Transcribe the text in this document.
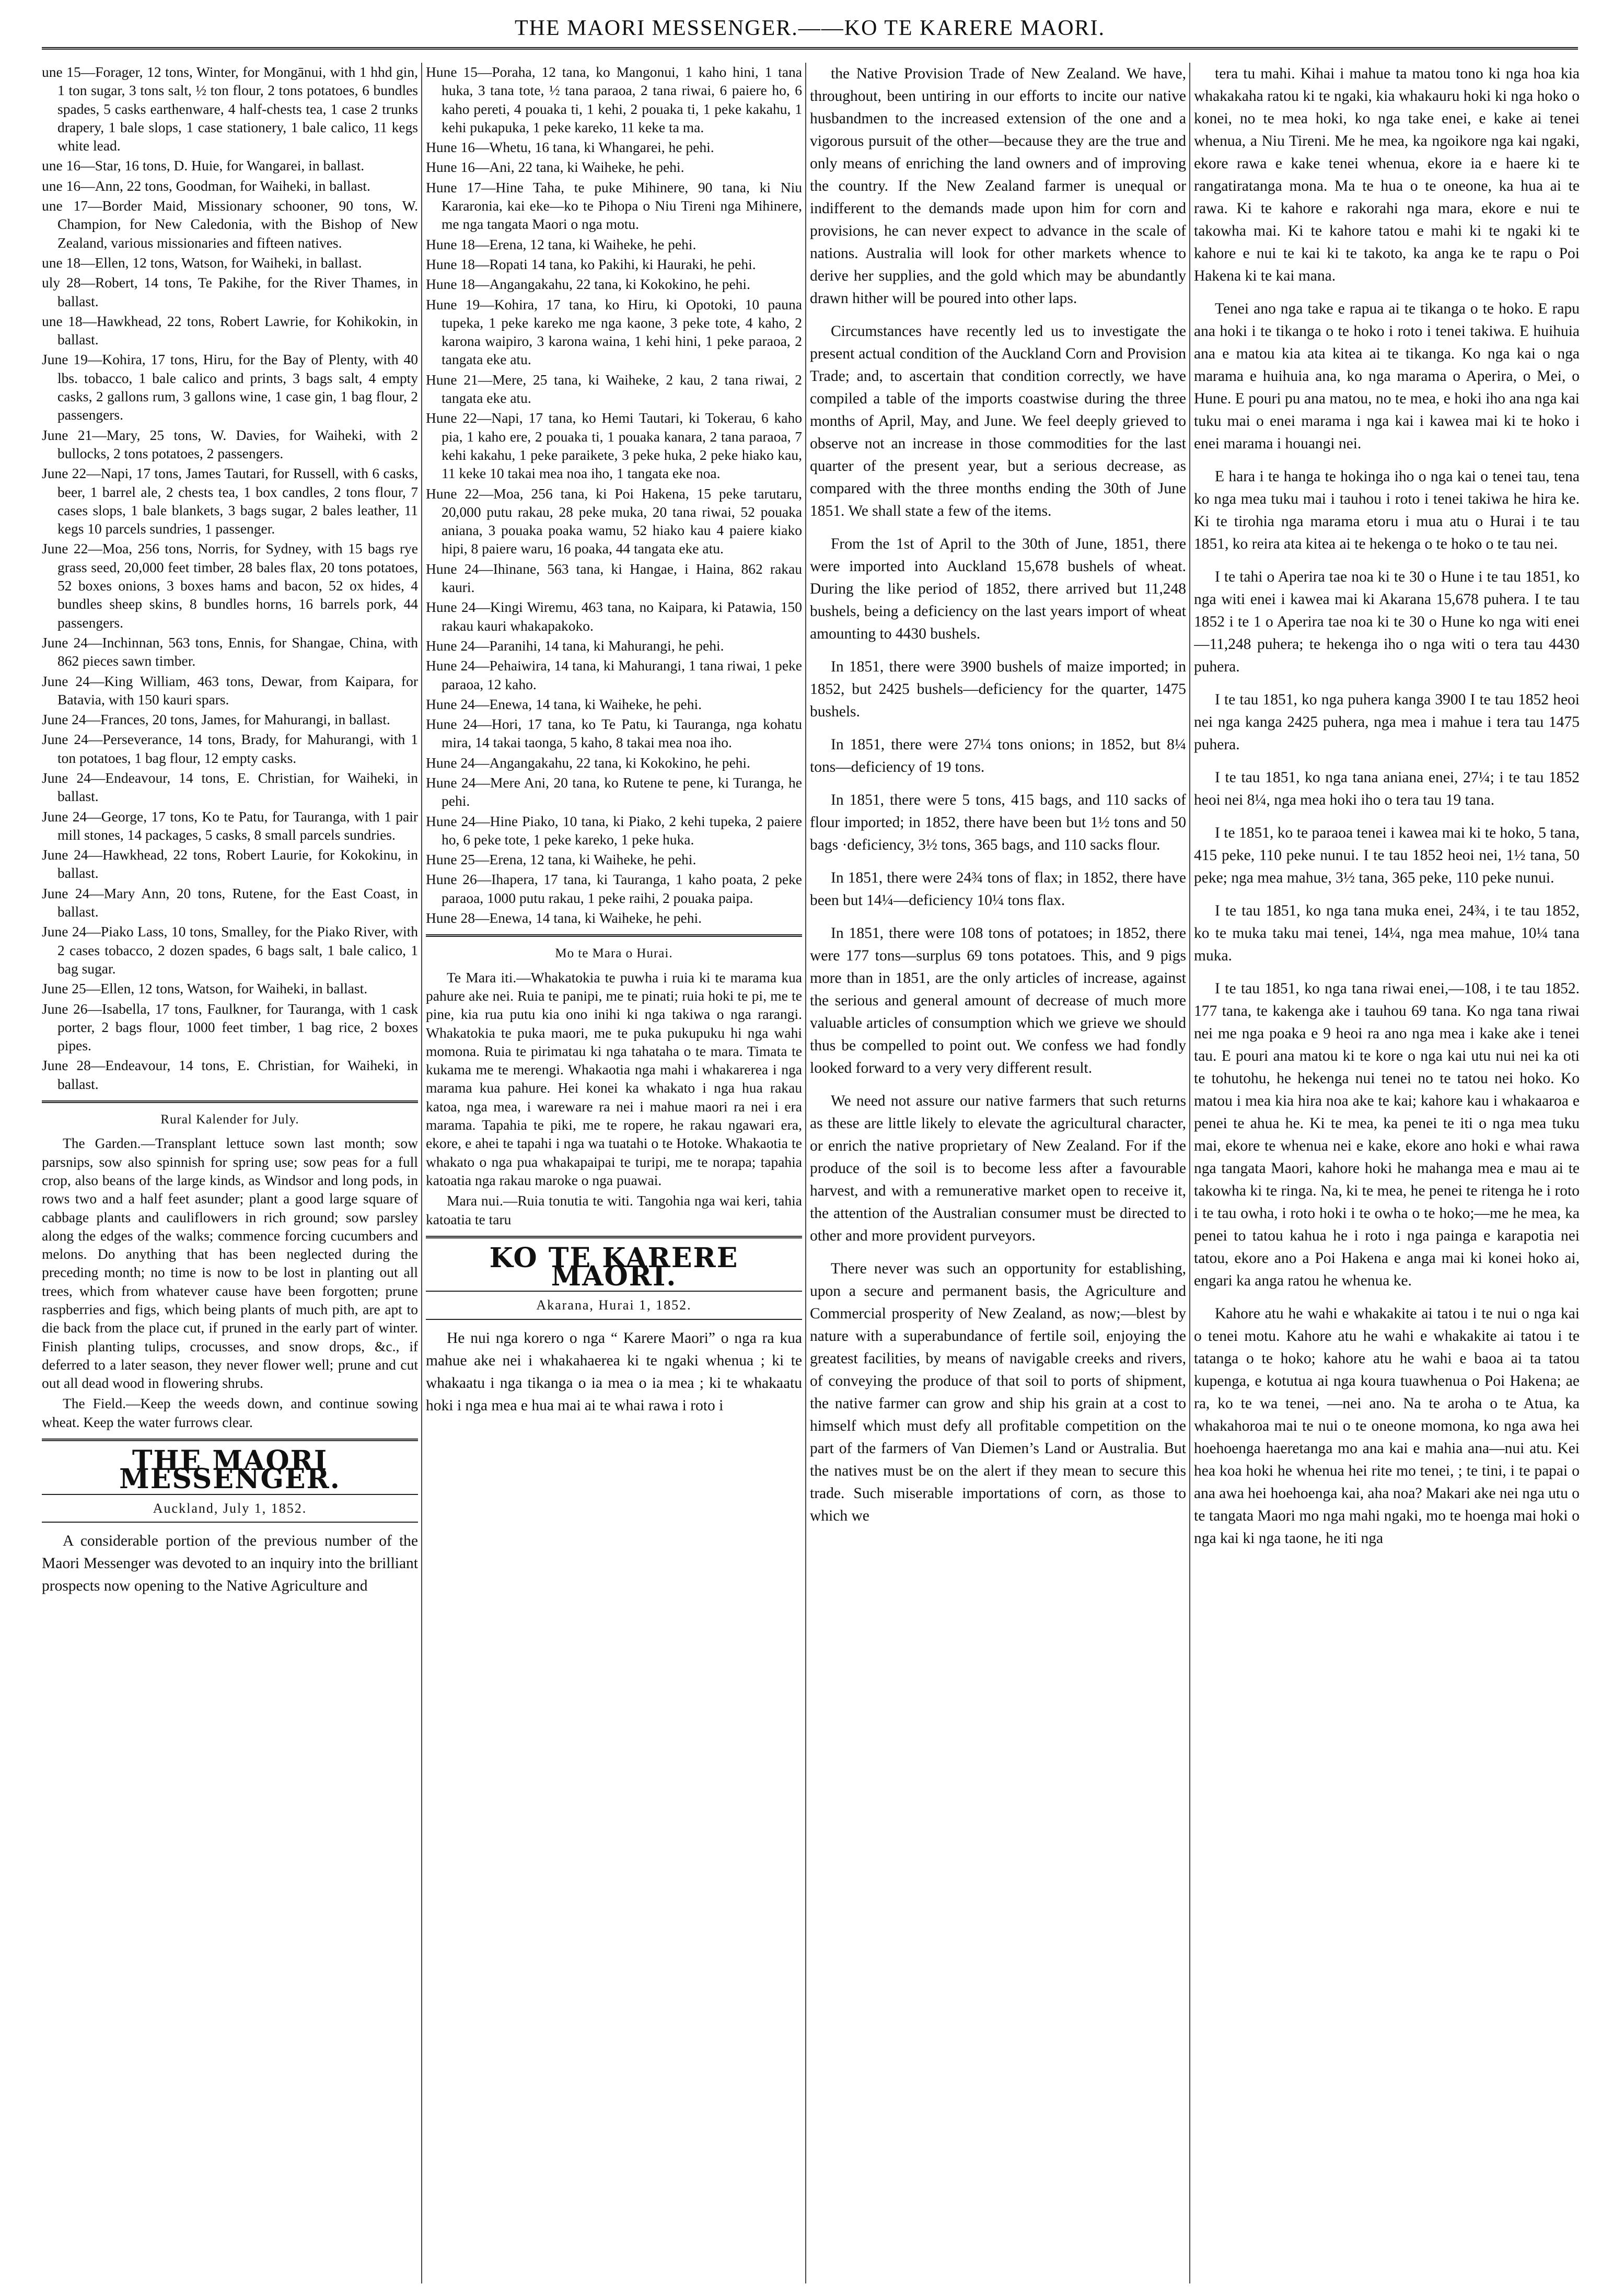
THE MAORI MESSENGER.——KO TE KARERE MAORI.

une 15—Forager, 12 tons, Winter, for Mongānui, with 1 hhd gin, 1 ton sugar, 3 tons salt, ½ ton flour, 2 tons potatoes, 6 bundles spades, 5 casks earthenware, 4 half-chests tea, 1 case 2 trunks drapery, 1 bale slops, 1 case stationery, 1 bale calico, 11 kegs white lead.

une 16—Star, 16 tons, D. Huie, for Wangarei, in ballast.

une 16—Ann, 22 tons, Goodman, for Waiheki, in ballast.

une 17—Border Maid, Missionary schooner, 90 tons, W. Champion, for New Caledonia, with the Bishop of New Zealand, various missionaries and fifteen natives.

une 18—Ellen, 12 tons, Watson, for Waiheki, in ballast.

uly 28—Robert, 14 tons, Te Pakihe, for the River Thames, in ballast.

une 18—Hawkhead, 22 tons, Robert Lawrie, for Kohikokin, in ballast.

June 19—Kohira, 17 tons, Hiru, for the Bay of Plenty, with 40 lbs. tobacco, 1 bale calico and prints, 3 bags salt, 4 empty casks, 2 gallons rum, 3 gallons wine, 1 case gin, 1 bag flour, 2 passengers.

June 21—Mary, 25 tons, W. Davies, for Waiheki, with 2 bullocks, 2 tons potatoes, 2 passengers.

June 22—Napi, 17 tons, James Tautari, for Russell, with 6 casks, beer, 1 barrel ale, 2 chests tea, 1 box candles, 2 tons flour, 7 cases slops, 1 bale blankets, 3 bags sugar, 2 bales leather, 11 kegs 10 parcels sundries, 1 passenger.

June 22—Moa, 256 tons, Norris, for Sydney, with 15 bags rye grass seed, 20,000 feet timber, 28 bales flax, 20 tons potatoes, 52 boxes onions, 3 boxes hams and bacon, 52 ox hides, 4 bundles sheep skins, 8 bundles horns, 16 barrels pork, 44 passengers.

June 24—Inchinnan, 563 tons, Ennis, for Shangae, China, with 862 pieces sawn timber.

June 24—King William, 463 tons, Dewar, from Kaipara, for Batavia, with 150 kauri spars.

June 24—Frances, 20 tons, James, for Mahurangi, in ballast.

June 24—Perseverance, 14 tons, Brady, for Mahurangi, with 1 ton potatoes, 1 bag flour, 12 empty casks.

June 24—Endeavour, 14 tons, E. Christian, for Waiheki, in ballast.

June 24—George, 17 tons, Ko te Patu, for Tauranga, with 1 pair mill stones, 14 packages, 5 casks, 8 small parcels sundries.

June 24—Hawkhead, 22 tons, Robert Laurie, for Kokokinu, in ballast.

June 24—Mary Ann, 20 tons, Rutene, for the East Coast, in ballast.

June 24—Piako Lass, 10 tons, Smalley, for the Piako River, with 2 cases tobacco, 2 dozen spades, 6 bags salt, 1 bale calico, 1 bag sugar.

June 25—Ellen, 12 tons, Watson, for Waiheki, in ballast.

June 26—Isabella, 17 tons, Faulkner, for Tauranga, with 1 cask porter, 2 bags flour, 1000 feet timber, 1 bag rice, 2 boxes pipes.

June 28—Endeavour, 14 tons, E. Christian, for Waiheki, in ballast.

Rural Kalender for July.

The Garden.—Transplant lettuce sown last month; sow parsnips, sow also spinnish for spring use; sow peas for a full crop, also beans of the large kinds, as Windsor and long pods, in rows two and a half feet asunder; plant a good large square of cabbage plants and cauliflowers in rich ground; sow parsley along the edges of the walks; commence forcing cucumbers and melons. Do anything that has been neglected during the preceding month; no time is now to be lost in planting out all trees, which from whatever cause have been forgotten; prune raspberries and figs, which being plants of much pith, are apt to die back from the place cut, if pruned in the early part of winter. Finish planting tulips, crocusses, and snow drops, &c., if deferred to a later season, they never flower well; prune and cut out all dead wood in flowering shrubs.

The Field.—Keep the weeds down, and continue sowing wheat. Keep the water furrows clear.

THE MAORI MESSENGER.
Auckland, July 1, 1852.

A considerable portion of the previous number of the Maori Messenger was devoted to an inquiry into the brilliant prospects now opening to the Native Agriculture and

Hune 15—Poraha, 12 tana, ko Mangonui, 1 kaho hini, 1 tana huka, 3 tana tote, ½ tana paraoa, 2 tana riwai, 6 paiere ho, 6 kaho pereti, 4 pouaka ti, 1 kehi, 2 pouaka ti, 1 peke kakahu, 1 kehi pukapuka, 1 peke kareko, 11 keke ta ma.

Hune 16—Whetu, 16 tana, ki Whangarei, he pehi.

Hune 16—Ani, 22 tana, ki Waiheke, he pehi.

Hune 17—Hine Taha, te puke Mihinere, 90 tana, ki Niu Kararonia, kai eke—ko te Pihopa o Niu Tireni nga Mihinere, me nga tangata Maori o nga motu.

Hune 18—Erena, 12 tana, ki Waiheke, he pehi.

Hune 18—Ropati 14 tana, ko Pakihi, ki Hauraki, he pehi.

Hune 18—Angangakahu, 22 tana, ki Kokokino, he pehi.

Hune 19—Kohira, 17 tana, ko Hiru, ki Opotoki, 10 pauna tupeka, 1 peke kareko me nga kaone, 3 peke tote, 4 kaho, 2 karona waipiro, 3 karona waina, 1 kehi hini, 1 peke paraoa, 2 tangata eke atu.

Hune 21—Mere, 25 tana, ki Waiheke, 2 kau, 2 tana riwai, 2 tangata eke atu.

Hune 22—Napi, 17 tana, ko Hemi Tautari, ki Tokerau, 6 kaho pia, 1 kaho ere, 2 pouaka ti, 1 pouaka kanara, 2 tana paraoa, 7 kehi kakahu, 1 peke paraikete, 3 peke huka, 2 peke hiako kau, 11 keke 10 takai mea noa iho, 1 tangata eke noa.

Hune 22—Moa, 256 tana, ki Poi Hakena, 15 peke tarutaru, 20,000 putu rakau, 28 peke muka, 20 tana riwai, 52 pouaka aniana, 3 pouaka poaka wamu, 52 hiako kau 4 paiere kiako hipi, 8 paiere waru, 16 poaka, 44 tangata eke atu.

Hune 24—Ihinane, 563 tana, ki Hangae, i Haina, 862 rakau kauri.

Hune 24—Kingi Wiremu, 463 tana, no Kaipara, ki Patawia, 150 rakau kauri whakapakoko.

Hune 24—Paranihi, 14 tana, ki Mahurangi, he pehi.

Hune 24—Pehaiwira, 14 tana, ki Mahurangi, 1 tana riwai, 1 peke paraoa, 12 kaho.

Hune 24—Enewa, 14 tana, ki Waiheke, he pehi.

Hune 24—Hori, 17 tana, ko Te Patu, ki Tauranga, nga kohatu mira, 14 takai taonga, 5 kaho, 8 takai mea noa iho.

Hune 24—Angangakahu, 22 tana, ki Kokokino, he pehi.

Hune 24—Mere Ani, 20 tana, ko Rutene te pene, ki Turanga, he pehi.

Hune 24—Hine Piako, 10 tana, ki Piako, 2 kehi tupeka, 2 paiere ho, 6 peke tote, 1 peke kareko, 1 peke huka.

Hune 25—Erena, 12 tana, ki Waiheke, he pehi.

Hune 26—Ihapera, 17 tana, ki Tauranga, 1 kaho poata, 2 peke paraoa, 1000 putu rakau, 1 peke raihi, 2 pouaka paipa.

Hune 28—Enewa, 14 tana, ki Waiheke, he pehi.

Mo te Mara o Hurai.

Te Mara iti.—Whakatokia te puwha i ruia ki te marama kua pahure ake nei. Ruia te panipi, me te pinati; ruia hoki te pi, me te pine, kia rua putu kia ono inihi ki nga takiwa o nga rarangi. Whakatokia te puka maori, me te puka pukupuku hi nga wahi momona. Ruia te pirimatau ki nga tahataha o te mara. Timata te kukama me te merengi. Whakaotia nga mahi i whakarerea i nga marama kua pahure. Hei konei ka whakato i nga hua rakau katoa, nga mea, i wareware ra nei i mahue maori ra nei i era marama. Tapahia te piki, me te ropere, he rakau ngawari era, ekore, e ahei te tapahi i nga wa tuatahi o te Hotoke. Whakaotia te whakato o nga pua whakapaipai te turipi, me te norapa; tapahia katoatia nga rakau maroke o nga puawai.

Mara nui.—Ruia tonutia te witi. Tangohia nga wai keri, tahia katoatia te taru

KO TE KARERE MAORI.
Akarana, Hurai 1, 1852.

He nui nga korero o nga “ Karere Maori” o nga ra kua mahue ake nei i whakahaerea ki te ngaki whenua ; ki te whakaatu i nga tikanga o ia mea o ia mea ; ki te whakaatu hoki i nga mea e hua mai ai te whai rawa i roto i

the Native Provision Trade of New Zealand. We have, throughout, been untiring in our efforts to incite our native husbandmen to the increased extension of the one and a vigorous pursuit of the other—because they are the true and only means of enriching the land owners and of improving the country. If the New Zealand farmer is unequal or indifferent to the demands made upon him for corn and provisions, he can never expect to advance in the scale of nations. Australia will look for other markets whence to derive her supplies, and the gold which may be abundantly drawn hither will be poured into other laps.

Circumstances have recently led us to investigate the present actual condition of the Auckland Corn and Provision Trade; and, to ascertain that condition correctly, we have compiled a table of the imports coastwise during the three months of April, May, and June. We feel deeply grieved to observe not an increase in those commodities for the last quarter of the present year, but a serious decrease, as compared with the three months ending the 30th of June 1851. We shall state a few of the items.

From the 1st of April to the 30th of June, 1851, there were imported into Auckland 15,678 bushels of wheat. During the like period of 1852, there arrived but 11,248 bushels, being a deficiency on the last years import of wheat amounting to 4430 bushels.

In 1851, there were 3900 bushels of maize imported; in 1852, but 2425 bushels—deficiency for the quarter, 1475 bushels.

In 1851, there were 27¼ tons onions; in 1852, but 8¼ tons—deficiency of 19 tons.

In 1851, there were 5 tons, 415 bags, and 110 sacks of flour imported; in 1852, there have been but 1½ tons and 50 bags ·deficiency, 3½ tons, 365 bags, and 110 sacks flour.

In 1851, there were 24¾ tons of flax; in 1852, there have been but 14¼—deficiency 10¼ tons flax.

In 1851, there were 108 tons of potatoes; in 1852, there were 177 tons—surplus 69 tons potatoes. This, and 9 pigs more than in 1851, are the only articles of increase, against the serious and general amount of decrease of much more valuable articles of consumption which we grieve we should thus be compelled to point out. We confess we had fondly looked forward to a very very different result.

We need not assure our native farmers that such returns as these are little likely to elevate the agricultural character, or enrich the native proprietary of New Zealand. For if the produce of the soil is to become less after a favourable harvest, and with a remunerative market open to receive it, the attention of the Australian consumer must be directed to other and more provident purveyors.

There never was such an opportunity for establishing, upon a secure and permanent basis, the Agriculture and Commercial prosperity of New Zealand, as now;—blest by nature with a superabundance of fertile soil, enjoying the greatest facilities, by means of navigable creeks and rivers, of conveying the produce of that soil to ports of shipment, the native farmer can grow and ship his grain at a cost to himself which must defy all profitable competition on the part of the farmers of Van Diemen’s Land or Australia. But the natives must be on the alert if they mean to secure this trade. Such miserable importations of corn, as those to which we

tera tu mahi. Kihai i mahue ta matou tono ki nga hoa kia whakakaha ratou ki te ngaki, kia whakauru hoki ki nga hoko o konei, no te mea hoki, ko nga take enei, e kake ai tenei whenua, a Niu Tireni. Me he mea, ka ngoikore nga kai ngaki, ekore rawa e kake tenei whenua, ekore ia e haere ki te rangatiratanga mona. Ma te hua o te oneone, ka hua ai te rawa. Ki te kahore e rakorahi nga mara, ekore e nui te takowha mai. Ki te kahore tatou e mahi ki te ngaki ki te kahore e nui te kai ki te takoto, ka anga ke te rapu o Poi Hakena ki te kai mana.

Tenei ano nga take e rapua ai te tikanga o te hoko. E rapu ana hoki i te tikanga o te hoko i roto i tenei takiwa. E huihuia ana e matou kia ata kitea ai te tikanga. Ko nga kai o nga marama e huihuia ana, ko nga marama o Aperira, o Mei, o Hune. E pouri pu ana matou, no te mea, e hoki iho ana nga kai tuku mai o enei marama i nga kai i kawea mai ki te hoko i enei marama i houangi nei.

E hara i te hanga te hokinga iho o nga kai o tenei tau, tena ko nga mea tuku mai i tauhou i roto i tenei takiwa he hira ke. Ki te tirohia nga marama etoru i mua atu o Hurai i te tau 1851, ko reira ata kitea ai te hekenga o te hoko o te tau nei.

I te tahi o Aperira tae noa ki te 30 o Hune i te tau 1851, ko nga witi enei i kawea mai ki Akarana 15,678 puhera. I te tau 1852 i te 1 o Aperira tae noa ki te 30 o Hune ko nga witi enei—11,248 puhera; te hekenga iho o nga witi o tera tau 4430 puhera.

I te tau 1851, ko nga puhera kanga 3900 I te tau 1852 heoi nei nga kanga 2425 puhera, nga mea i mahue i tera tau 1475 puhera.

I te tau 1851, ko nga tana aniana enei, 27¼; i te tau 1852 heoi nei 8¼, nga mea hoki iho o tera tau 19 tana.

I te 1851, ko te paraoa tenei i kawea mai ki te hoko, 5 tana, 415 peke, 110 peke nunui. I te tau 1852 heoi nei, 1½ tana, 50 peke; nga mea mahue, 3½ tana, 365 peke, 110 peke nunui.

I te tau 1851, ko nga tana muka enei, 24¾, i te tau 1852, ko te muka taku mai tenei, 14¼, nga mea mahue, 10¼ tana muka.

I te tau 1851, ko nga tana riwai enei,—108, i te tau 1852. 177 tana, te kakenga ake i tauhou 69 tana. Ko nga tana riwai nei me nga poaka e 9 heoi ra ano nga mea i kake ake i tenei tau. E pouri ana matou ki te kore o nga kai utu nui nei ka oti te tohutohu, he hekenga nui tenei no te tatou nei hoko. Ko matou i mea kia hira noa ake te kai; kahore kau i whakaaroa e penei te ahua he. Ki te mea, ka penei te iti o nga mea tuku mai, ekore te whenua nei e kake, ekore ano hoki e whai rawa nga tangata Maori, kahore hoki he mahanga mea e mau ai te takowha ki te ringa. Na, ki te mea, he penei te ritenga he i roto i te tau owha, i roto hoki i te owha o te hoko;—me he mea, ka penei to tatou kahua he i roto i nga painga e karapotia nei tatou, ekore ano a Poi Hakena e anga mai ki konei hoko ai, engari ka anga ratou he whenua ke.

Kahore atu he wahi e whakakite ai tatou i te nui o nga kai o tenei motu. Kahore atu he wahi e whakakite ai tatou i te tatanga o te hoko; kahore atu he wahi e baoa ai ta tatou kupenga, e kotutua ai nga koura tuawhenua o Poi Hakena; ae ra, ko te wa tenei, —nei ano. Na te aroha o te Atua, ka whakahoroa mai te nui o te oneone momona, ko nga awa hei hoehoenga haeretanga mo ana kai e mahia ana—nui atu. Kei hea koa hoki he whenua hei rite mo tenei, ; te tini, i te papai o ana awa hei hoehoenga kai, aha noa? Makari ake nei nga utu o te tangata Maori mo nga mahi ngaki, mo te hoenga mai hoki o nga kai ki nga taone, he iti nga
